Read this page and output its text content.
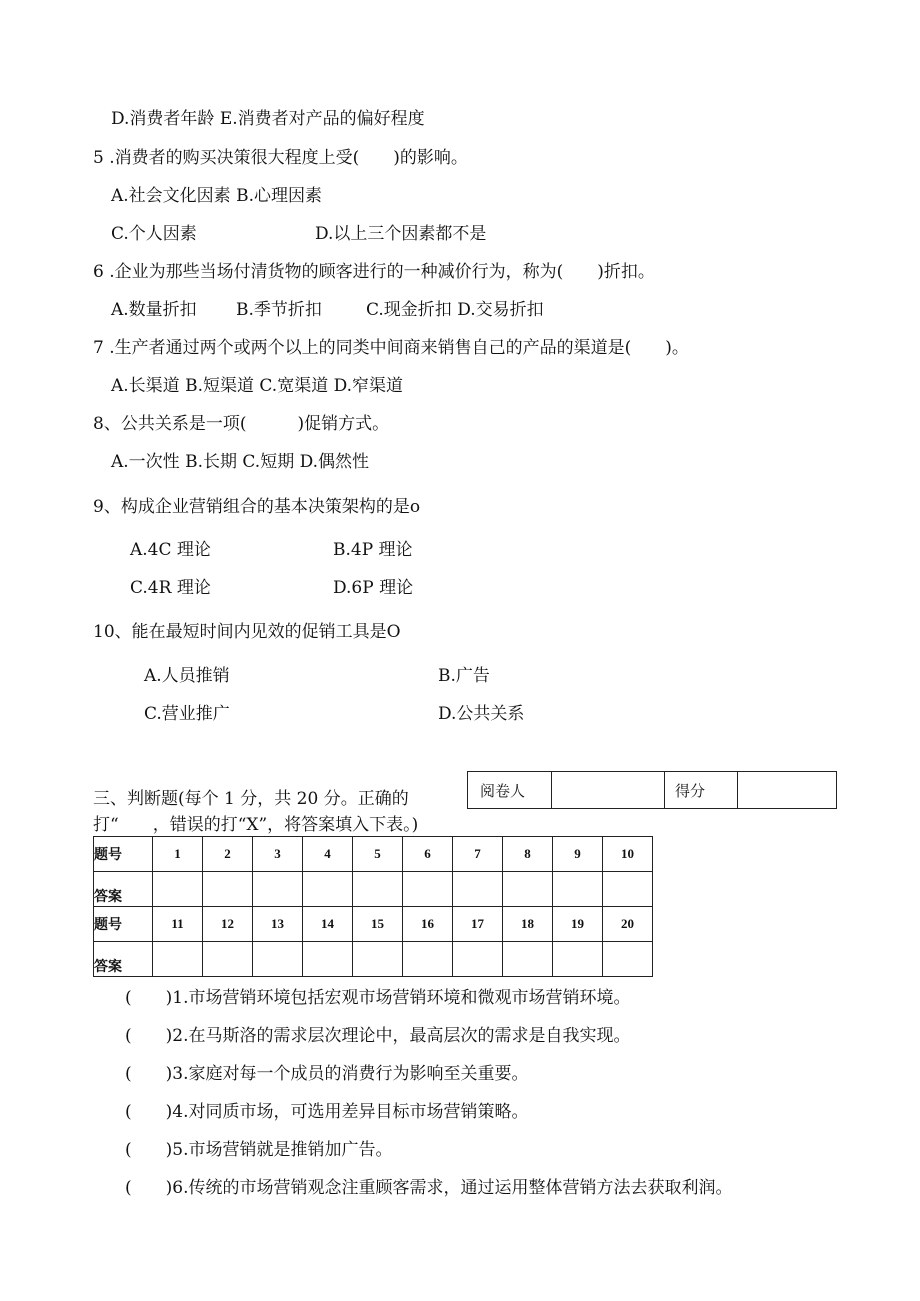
D.消费者年龄 E.消费者对产品的偏好程度
5 .消费者的购买决策很大程度上受(　　)的影响。
A.社会文化因素 B.心理因素
C.个人因素	D.以上三个因素都不是
6 .企业为那些当场付清货物的顾客进行的一种减价行为，称为(　　)折扣。
A.数量折扣 B.季节折扣	C.现金折扣 D.交易折扣
7 .生产者通过两个或两个以上的同类中间商来销售自己的产品的渠道是(　　)。
A.长渠道 B.短渠道 C.宽渠道 D.窄渠道
8、公共关系是一项(　　　)促销方式。
A.一次性 B.长期 C.短期 D.偶然性
9、构成企业营销组合的基本决策架构的是o
A.4C 理论	B.4P 理论
C.4R 理论	D.6P 理论
10、能在最短时间内见效的促销工具是O
A.人员推销	B.广告
C.营业推广	D.公共关系
三、判断题(每个 1 分，共 20 分。正确的
打“　　，错误的打“X”，将答案填入下表。)
阅卷人		得分	
题号	1	2	3	4	5	6	7	8	9	10
答案										
题号	11	12	13	14	15	16	17	18	19	20
答案										
(　　)1.市场营销环境包括宏观市场营销环境和微观市场营销环境。
(　　)2.在马斯洛的需求层次理论中，最高层次的需求是自我实现。
(　　)3.家庭对每一个成员的消费行为影响至关重要。
(　　)4.对同质市场，可选用差异目标市场营销策略。
(　　)5.市场营销就是推销加广告。
(　　)6.传统的市场营销观念注重顾客需求，通过运用整体营销方法去获取利润。
